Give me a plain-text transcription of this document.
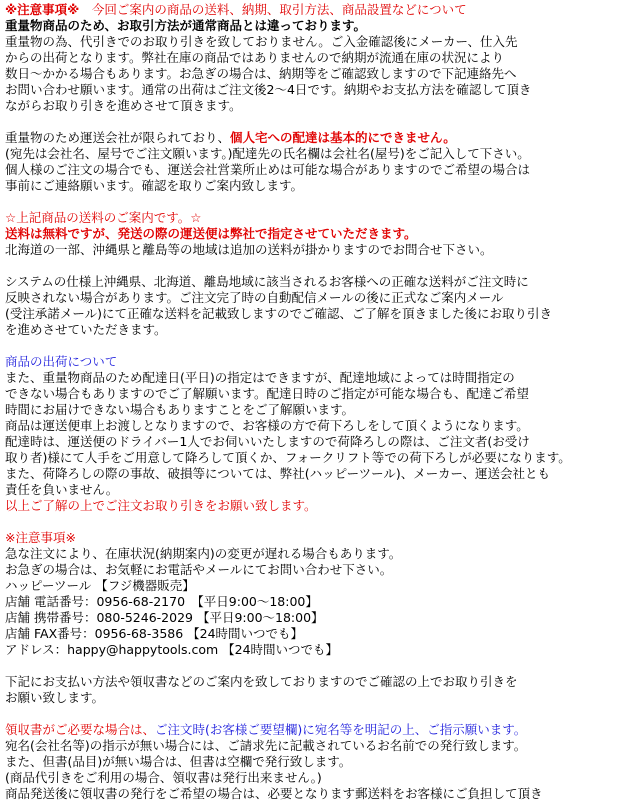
※注意事項※　今回ご案内の商品の送料、納期、取引方法、商品設置などについて
重量物商品のため、お取引方法が通常商品とは違っております。
重量物の為、代引きでのお取り引きを致しておりません。ご入金確認後にメーカー、仕入先
からの出荷となります。弊社在庫の商品ではありませんので納期が流通在庫の状況により
数日〜かかる場合もあります。お急ぎの場合は、納期等をご確認致しますので下記連絡先へ
お問い合わせ願います。通常の出荷はご注文後2〜4日です。納期やお支払方法を確認して頂き
ながらお取り引きを進めさせて頂きます。
重量物のため運送会社が限られており、個人宅への配達は基本的にできません。
(宛先は会社名、屋号でご注文願います。)配達先の氏名欄は会社名(屋号)をご記入して下さい。
個人様のご注文の場合でも、運送会社営業所止めは可能な場合がありますのでご希望の場合は
事前にご連絡願います。確認を取りご案内致します。
☆上記商品の送料のご案内です。☆
送料は無料ですが、発送の際の運送便は弊社で指定させていただきます。
北海道の一部、沖縄県と離島等の地域は追加の送料が掛かりますのでお問合せ下さい。
システムの仕様上沖縄県、北海道、離島地域に該当されるお客様への正確な送料がご注文時に
反映されない場合があります。ご注文完了時の自動配信メールの後に正式なご案内メール
(受注承諾メール)にて正確な送料を記載致しますのでご確認、ご了解を頂きました後にお取り引き
を進めさせていただきます。
商品の出荷について
また、重量物商品のため配達日(平日)の指定はできますが、配達地域によっては時間指定の
できない場合もありますのでご了解願います。配達日時のご指定が可能な場合も、配達ご希望
時間にお届けできない場合もありますことをご了解願います。
商品は運送便車上お渡しとなりますので、お客様の方で荷下ろしをして頂くようになります。
配達時は、運送便のドライバー1人でお伺いいたしますので荷降ろしの際は、ご注文者(お受け
取り者)様にて人手をご用意して降ろして頂くか、フォークリフト等での荷下ろしが必要になります。
また、荷降ろしの際の事故、破損等については、弊社(ハッピーツール)、メーカー、運送会社とも
責任を負いません。
以上ご了解の上でご注文お取り引きをお願い致します。
※注意事項※
急な注文により、在庫状況(納期案内)の変更が遅れる場合もあります。
お急ぎの場合は、お気軽にお電話やメールにてお問い合わせ下さい。
ハッピーツール 【フジ機器販売】
店舗 電話番号：0956-68-2170　【平日9:00〜18:00】
店舗 携帯番号：080-5246-2029 【平日9:00〜18:00】
店舗 FAX番号：0956-68-3586 【24時間いつでも】
アドレス：happy@happytools.com 【24時間いつでも】
下記にお支払い方法や領収書などのご案内を致しておりますのでご確認の上でお取り引きを
お願い致します。
領収書がご必要な場合は、ご注文時(お客様ご要望欄)に宛名等を明記の上、ご指示願います。
宛名(会社名等)の指示が無い場合には、ご請求先に記載されているお名前での発行致します。
また、但書(品目)が無い場合は、但書は空欄で発行致します。
(商品代引きをご利用の場合、領収書は発行出来ません。)
商品発送後に領収書の発行をご希望の場合は、必要となります郵送料をお客様にご負担して頂き
